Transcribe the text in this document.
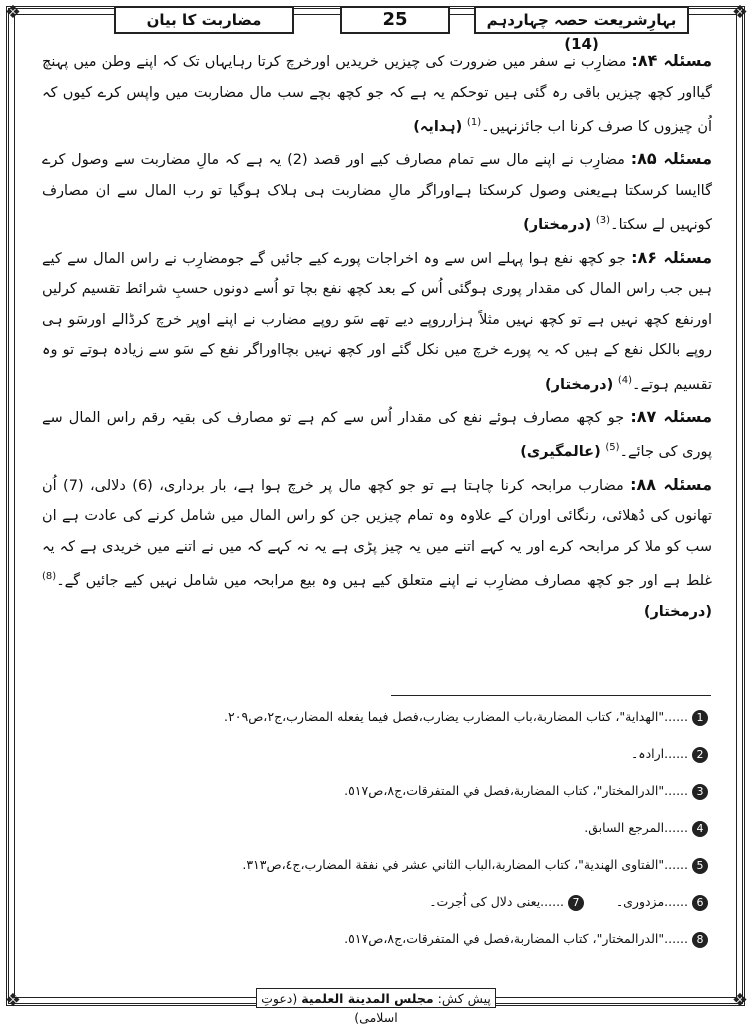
❖	❖
❖	❖
مضاربت کا بیان	25	بہارِشریعت حصہ چہاردہم (14)

مسئلہ ۸۴: مضارِب نے سفر میں ضرورت کی چیزیں خریدیں اورخرچ کرتا رہایہاں تک کہ اپنے وطن میں پہنچ گیااور کچھ چیزیں باقی رہ گئی ہیں توحکم یہ ہے کہ جو کچھ بچے سب مال مضاربت میں واپس کرے کیوں کہ اُن چیزوں کا صرف کرنا اب جائزنہیں۔$^{(1)}$ (ہدایہ)

مسئلہ ۸۵: مضارِب نے اپنے مال سے تمام مصارف کیے اور قصد (2) یہ ہے کہ مالِ مضاربت سے وصول کرے گاایسا کرسکتا ہےیعنی وصول کرسکتا ہےاوراگر مالِ مضاربت ہی ہلاک ہوگیا تو رب المال سے ان مصارف کونہیں لے سکتا۔$^{(3)}$ (درمختار)

مسئلہ ۸۶: جو کچھ نفع ہوا پہلے اس سے وہ اخراجات پورے کیے جائیں گے جومضارِب نے راس المال سے کیے ہیں جب راس المال کی مقدار پوری ہوگئی اُس کے بعد کچھ نفع بچا تو اُسے دونوں حسبِ شرائط تقسیم کرلیں اورنفع کچھ نہیں ہے تو کچھ نہیں مثلاً ہزارروپے دیے تھے سَو روپے مضارب نے اپنے اوپر خرچ کرڈالے اورسَو ہی روپے بالکل نفع کے ہیں کہ یہ پورے خرچ میں نکل گئے اور کچھ نہیں بچااوراگر نفع کے سَو سے زیادہ ہوتے تو وہ تقسیم ہوتے۔$^{(4)}$ (درمختار)

مسئلہ ۸۷: جو کچھ مصارف ہوئے نفع کی مقدار اُس سے کم ہے تو مصارف کی بقیہ رقم راس المال سے پوری کی جائے۔$^{(5)}$ (عالمگیری)

مسئلہ ۸۸: مضارب مرابحہ کرنا چاہتا ہے تو جو کچھ مال پر خرچ ہوا ہے، بار برداری، (6) دلالی، (7) اُن تھانوں کی دُھلائی، رنگائی اوران کے علاوہ وہ تمام چیزیں جن کو راس المال میں شامل کرنے کی عادت ہے ان سب کو ملا کر مرابحہ کرے اور یہ کہے اتنے میں یہ چیز پڑی ہے یہ نہ کہے کہ میں نے اتنے میں خریدی ہے کہ یہ غلط ہے اور جو کچھ مصارف مضارِب نے اپنے متعلق کیے ہیں وہ بیع مرابحہ میں شامل نہیں کیے جائیں گے۔$^{(8)}$ (درمختار)

1......"الهداية"، كتاب المضاربة،باب المضارب يضارب،فصل فيما يفعله المضارب،ج٢،ص٢٠٩.
2......ارادہ۔
3......"الدرالمختار"، كتاب المضاربة،فصل في المتفرقات،ج٨،ص٥١٧.
4......المرجع السابق.
5......"الفتاوى الهندية"، كتاب المضاربة،الباب الثاني عشر في نفقة المضارب،ج٤،ص٣١٣.
6......مزدوری۔        7......یعنی دلال کی اُجرت۔
8......"الدرالمختار"، كتاب المضاربة،فصل في المتفرقات،ج٨،ص٥١٧.
پیش کش: مجلس المدينة العلمية (دعوتِ اسلامی)
